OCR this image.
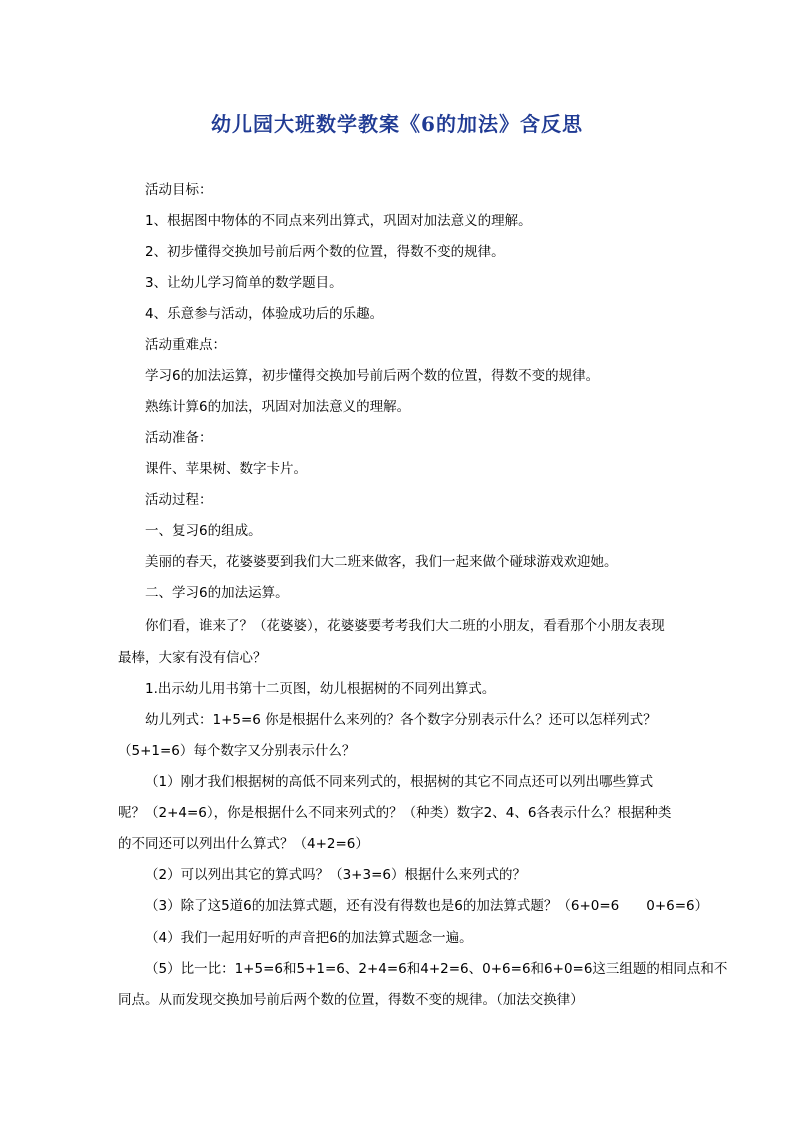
幼儿园大班数学教案《6的加法》含反思
活动目标：
1、根据图中物体的不同点来列出算式，巩固对加法意义的理解。
2、初步懂得交换加号前后两个数的位置，得数不变的规律。
3、让幼儿学习简单的数学题目。
4、乐意参与活动，体验成功后的乐趣。
活动重难点：
学习6的加法运算，初步懂得交换加号前后两个数的位置，得数不变的规律。
熟练计算6的加法，巩固对加法意义的理解。
活动准备：
课件、苹果树、数字卡片。
活动过程：
一、复习6的组成。
美丽的春天，花婆婆要到我们大二班来做客，我们一起来做个碰球游戏欢迎她。
二、学习6的加法运算。
你们看，谁来了？（花婆婆），花婆婆要考考我们大二班的小朋友，看看那个小朋友表现
最棒，大家有没有信心？
1.出示幼儿用书第十二页图，幼儿根据树的不同列出算式。
幼儿列式：1+5=6 你是根据什么来列的？各个数字分别表示什么？还可以怎样列式？
（5+1=6）每个数字又分别表示什么？
（1）刚才我们根据树的高低不同来列式的，根据树的其它不同点还可以列出哪些算式
呢？（2+4=6），你是根据什么不同来列式的？（种类）数字2、4、6各表示什么？根据种类
的不同还可以列出什么算式？（4+2=6）
（2）可以列出其它的算式吗？（3+3=6）根据什么来列式的？
（3）除了这5道6的加法算式题，还有没有得数也是6的加法算式题？（6+0=6　　0+6=6）
（4）我们一起用好听的声音把6的加法算式题念一遍。
（5）比一比：1+5=6和5+1=6、2+4=6和4+2=6、0+6=6和6+0=6这三组题的相同点和不
同点。从而发现交换加号前后两个数的位置，得数不变的规律。（加法交换律）
